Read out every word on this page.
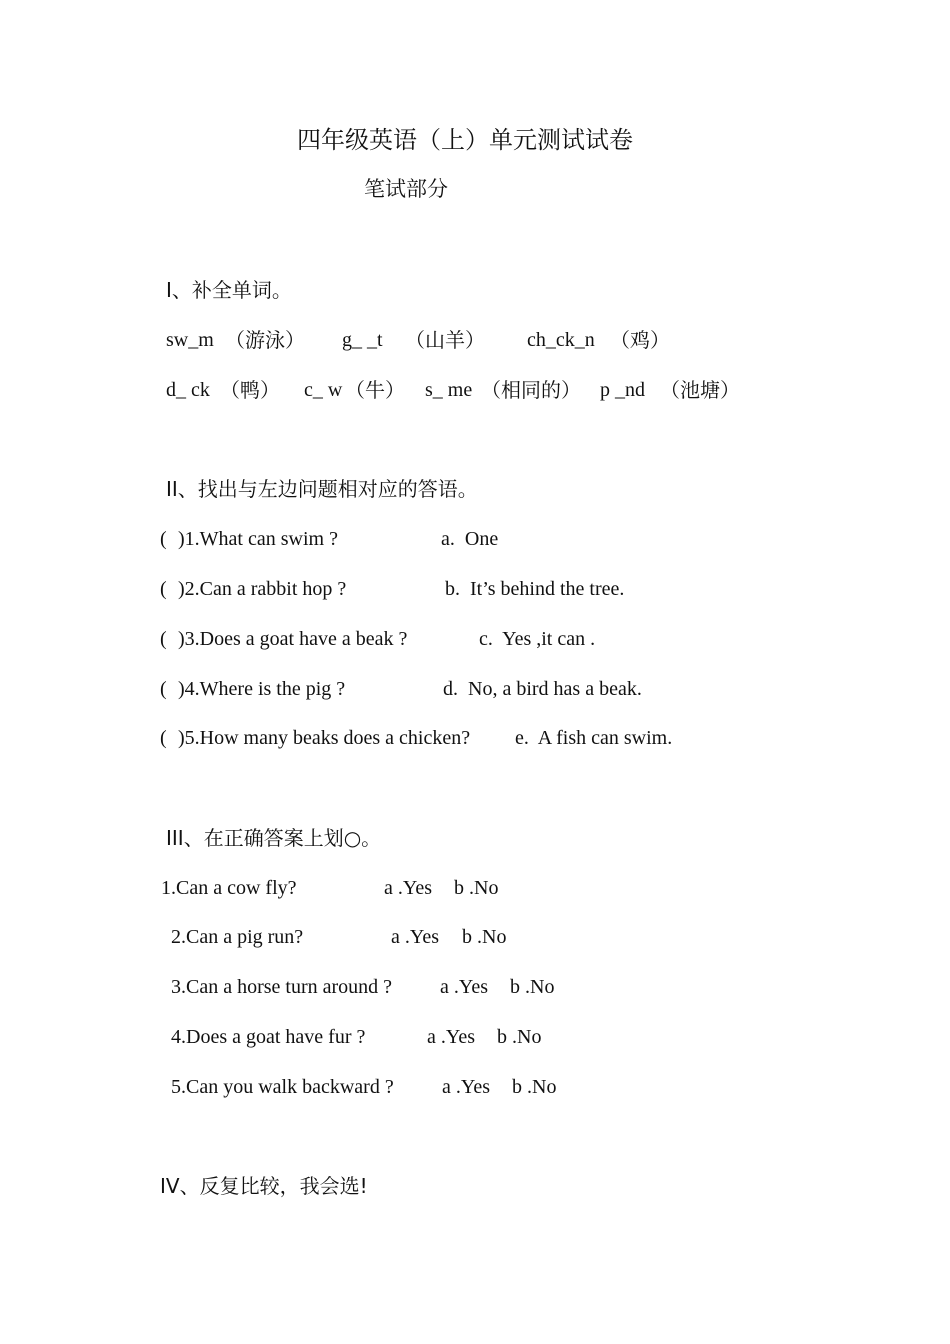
四年级英语（上）单元测试试卷
笔试部分
I、补全单词。
sw_m （游泳） g_ _t （山羊） ch_ck_n （鸡）
d_ ck （鸭） c_ w （牛） s_ me （相同的） p _nd （池塘）
II、找出与左边问题相对应的答语。
( )1.What can swim ?	a.  One
( )2.Can a rabbit hop ?	b.  It’s behind the tree.
( )3.Does a goat have a beak ?	c.  Yes ,it can .
( )4.Where is the pig ?	d.  No, a bird has a beak.
( )5.How many beaks does a chicken? e.  A fish can swim.
III、在正确答案上划○。
1.Can a cow fly?	a .Yes b .No
2.Can a pig run?	a .Yes b .No
3.Can a horse turn around ? a .Yes b .No
4.Does a goat have fur ?	a .Yes b .No
5.Can you walk backward ? a .Yes b .No
IV、反复比较，我会选!
